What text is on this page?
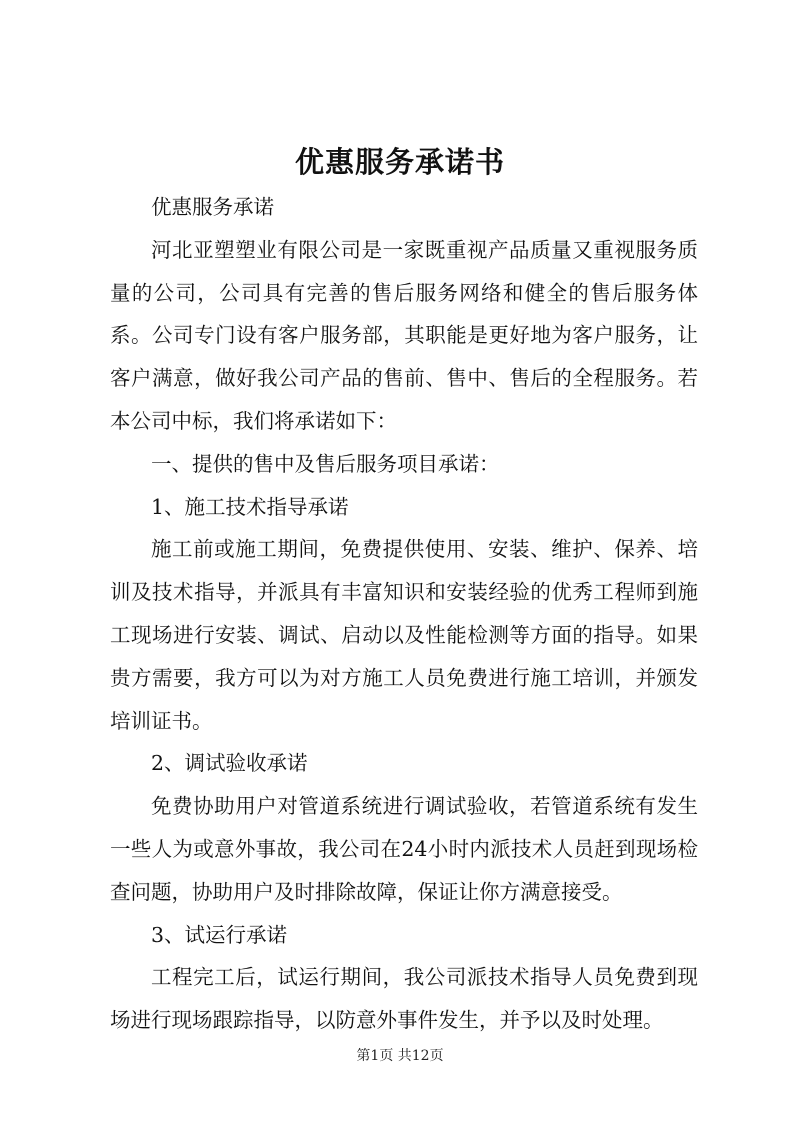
优惠服务承诺书

优惠服务承诺

河北亚塑塑业有限公司是一家既重视产品质量又重视服务质量的公司，公司具有完善的售后服务网络和健全的售后服务体系。公司专门设有客户服务部，其职能是更好地为客户服务，让客户满意，做好我公司产品的售前、售中、售后的全程服务。若本公司中标，我们将承诺如下：

一、提供的售中及售后服务项目承诺：

1、施工技术指导承诺

施工前或施工期间，免费提供使用、安装、维护、保养、培训及技术指导，并派具有丰富知识和安装经验的优秀工程师到施工现场进行安装、调试、启动以及性能检测等方面的指导。如果贵方需要，我方可以为对方施工人员免费进行施工培训，并颁发培训证书。

2、调试验收承诺

免费协助用户对管道系统进行调试验收，若管道系统有发生一些人为或意外事故，我公司在24小时内派技术人员赶到现场检查问题，协助用户及时排除故障，保证让你方满意接受。

3、试运行承诺

工程完工后，试运行期间，我公司派技术指导人员免费到现场进行现场跟踪指导，以防意外事件发生，并予以及时处理。

第1页 共12页
